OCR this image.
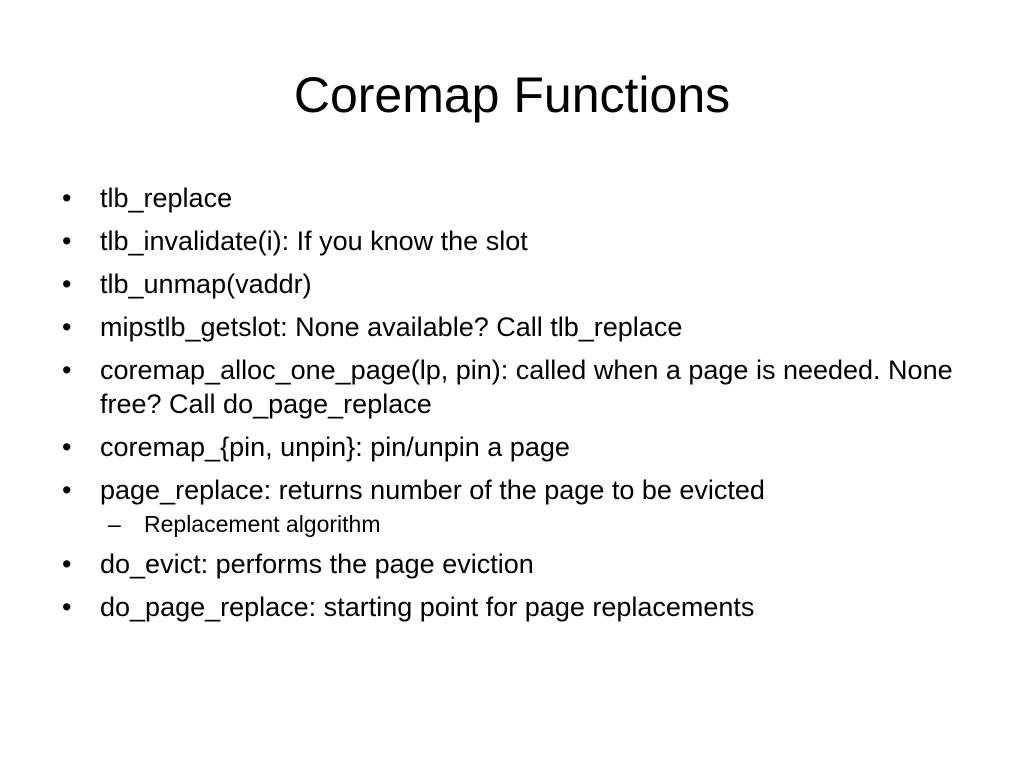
Coremap Functions
•	tlb_replace
•	tlb_invalidate(i): If you know the slot
•	tlb_unmap(vaddr)
•	mipstlb_getslot: None available? Call tlb_replace
•	coremap_alloc_one_page(lp, pin): called when a page is needed. None free? Call do_page_replace
•	coremap_{pin, unpin}: pin/unpin a page
•	page_replace: returns number of the page to be evicted
– Replacement algorithm
•	do_evict: performs the page eviction
•	do_page_replace: starting point for page replacements
